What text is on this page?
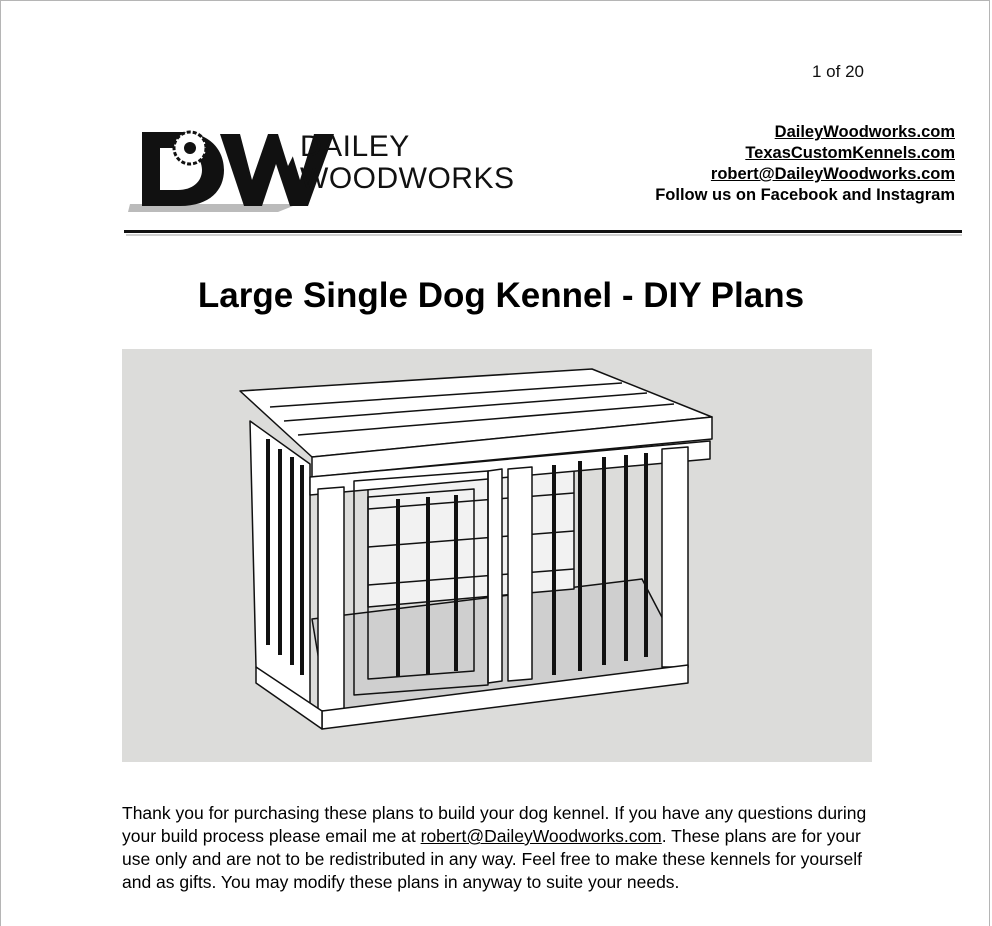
1 of 20
DAILEY
WOODWORKS
DaileyWoodworks.com
TexasCustomKennels.com
robert@DaileyWoodworks.com
Follow us on Facebook and Instagram
Large Single Dog Kennel - DIY Plans
Thank you for purchasing these plans to build your dog kennel. If you have any questions during your build process please email me at robert@DaileyWoodworks.com. These plans are for your use only and are not to be redistributed in any way. Feel free to make these kennels for yourself and as gifts. You may modify these plans in anyway to suite your needs.
